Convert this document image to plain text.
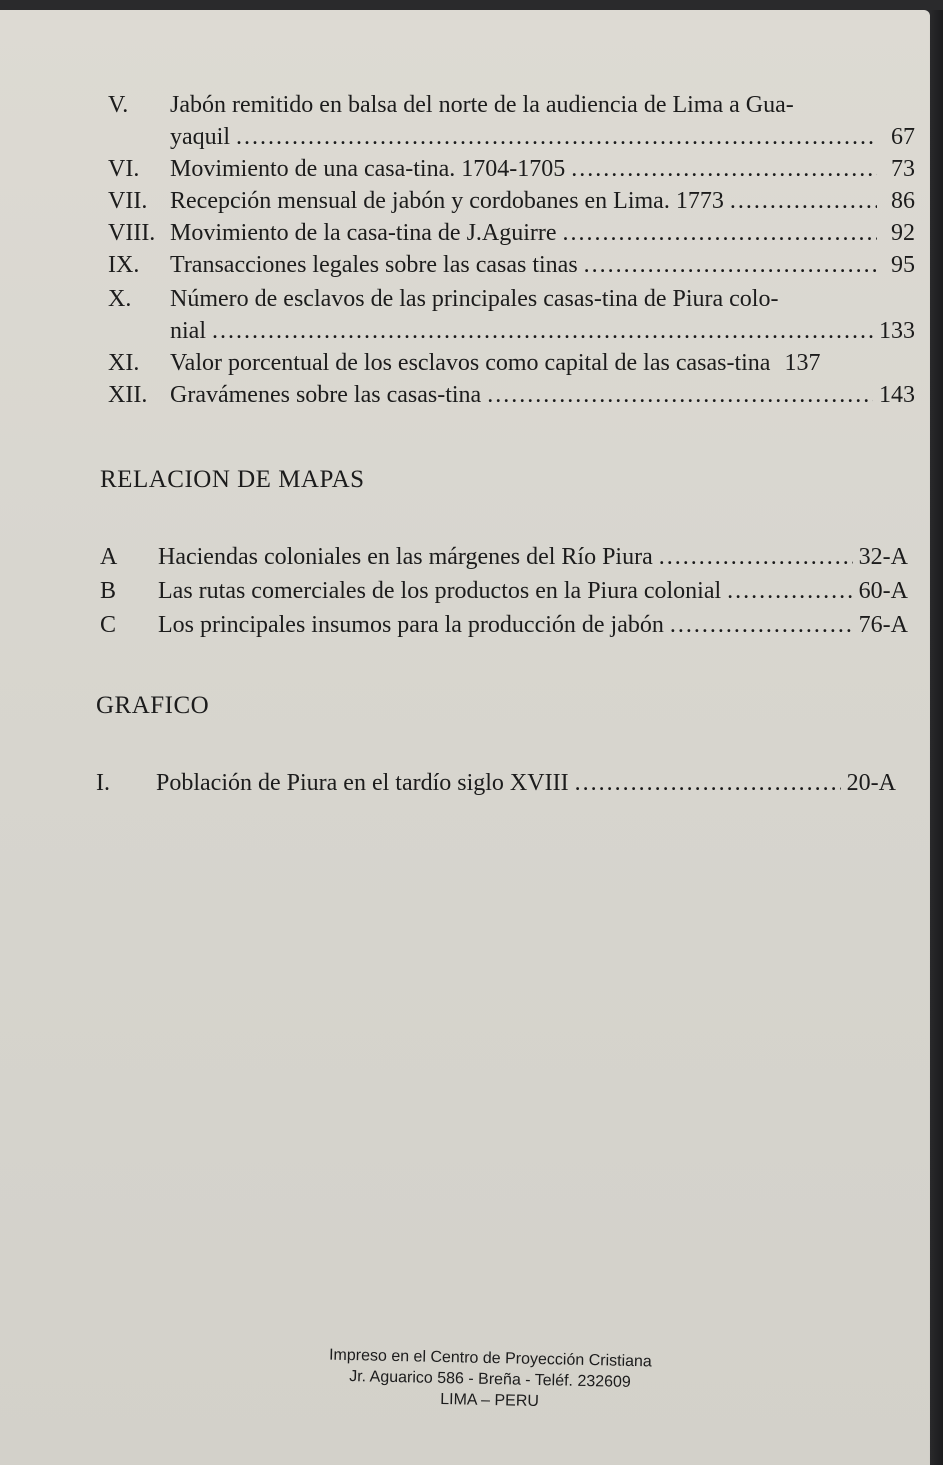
V.	Jabón remitido en balsa del norte de la audiencia de Lima a Gua-
yaquil .....	67
VI.	Movimiento de una casa-tina. 1704-1705 .....	73
VII. Recepción mensual de jabón y cordobanes en Lima. 1773 .....	86
VIII. Movimiento de la casa-tina de J.Aguirre .....	92
IX.	Transacciones legales sobre las casas tinas .....	95
X.	Número de esclavos de las principales casas-tina de Piura colo-
nial .....	133
XI.	Valor porcentual de los esclavos como capital de las casas-tina 137
XII. Gravámenes sobre las casas-tina .....	143
RELACION DE MAPAS
A	Haciendas coloniales en las márgenes del Río Piura .....	32-A
B	Las rutas comerciales de los productos en la Piura colonial .....	60-A
C	Los principales insumos para la producción de jabón .....	76-A
GRAFICO
I.	Población de Piura en el tardío siglo XVIII .....	20-A
Impreso en el Centro de Proyección Cristiana
Jr. Aguarico 586 - Breña - Teléf. 232609
LIMA – PERU
